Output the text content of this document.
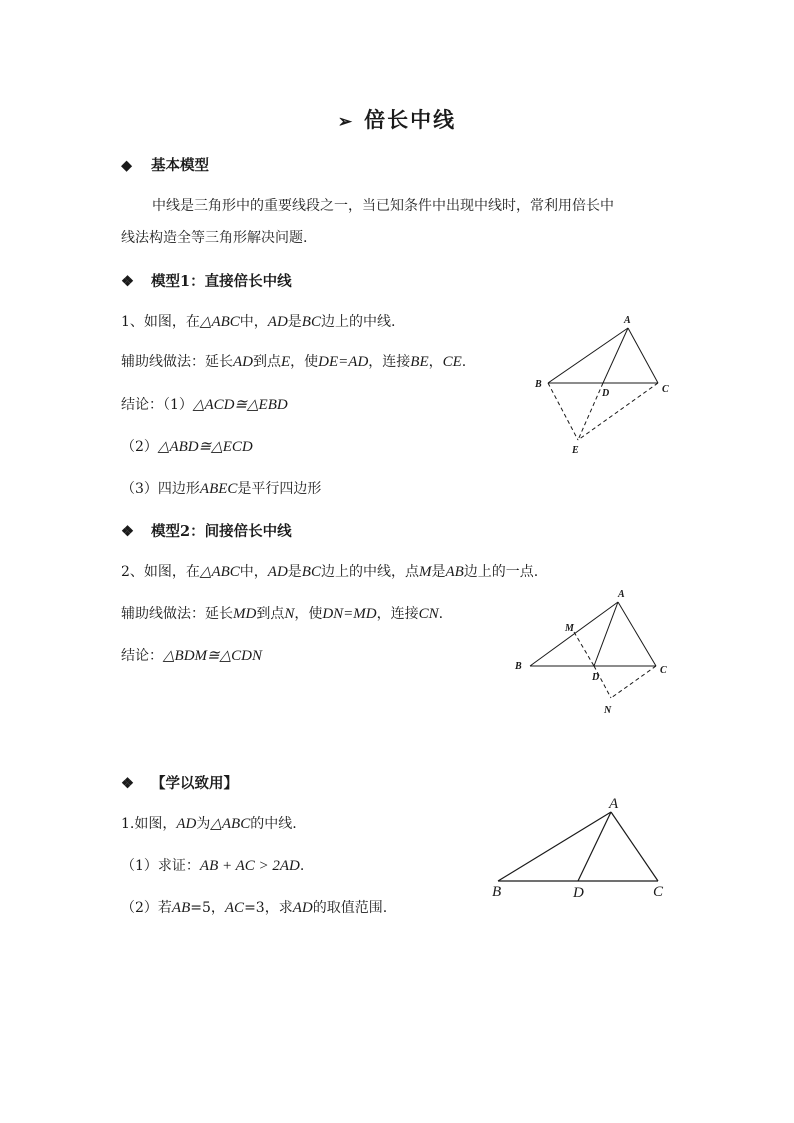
➢ 倍长中线
◆ 基本模型
中线是三角形中的重要线段之一，当已知条件中出现中线时，常利用倍长中
线法构造全等三角形解决问题.
❖ 模型1：直接倍长中线
1、如图，在△ABC中，AD是BC边上的中线.
辅助线做法：延长AD到点E，使DE=AD，连接BE，CE.
结论：（1）△ACD≅△EBD
（2）△ABD≅△ECD
（3）四边形ABEC是平行四边形
A
B	C
D
E
❖ 模型2：间接倍长中线
2、如图，在△ABC中，AD是BC边上的中线，点M是AB边上的一点.
辅助线做法：延长MD到点N，使DN=MD，连接CN.
结论：△BDM≅△CDN
A
B	C
D
M
N
❖ 【学以致用】
1.如图，AD为△ABC的中线.
（1）求证：AB + AC > 2AD.
（2）若AB=5，AC=3，求AD的取值范围.
A
B	D	C
